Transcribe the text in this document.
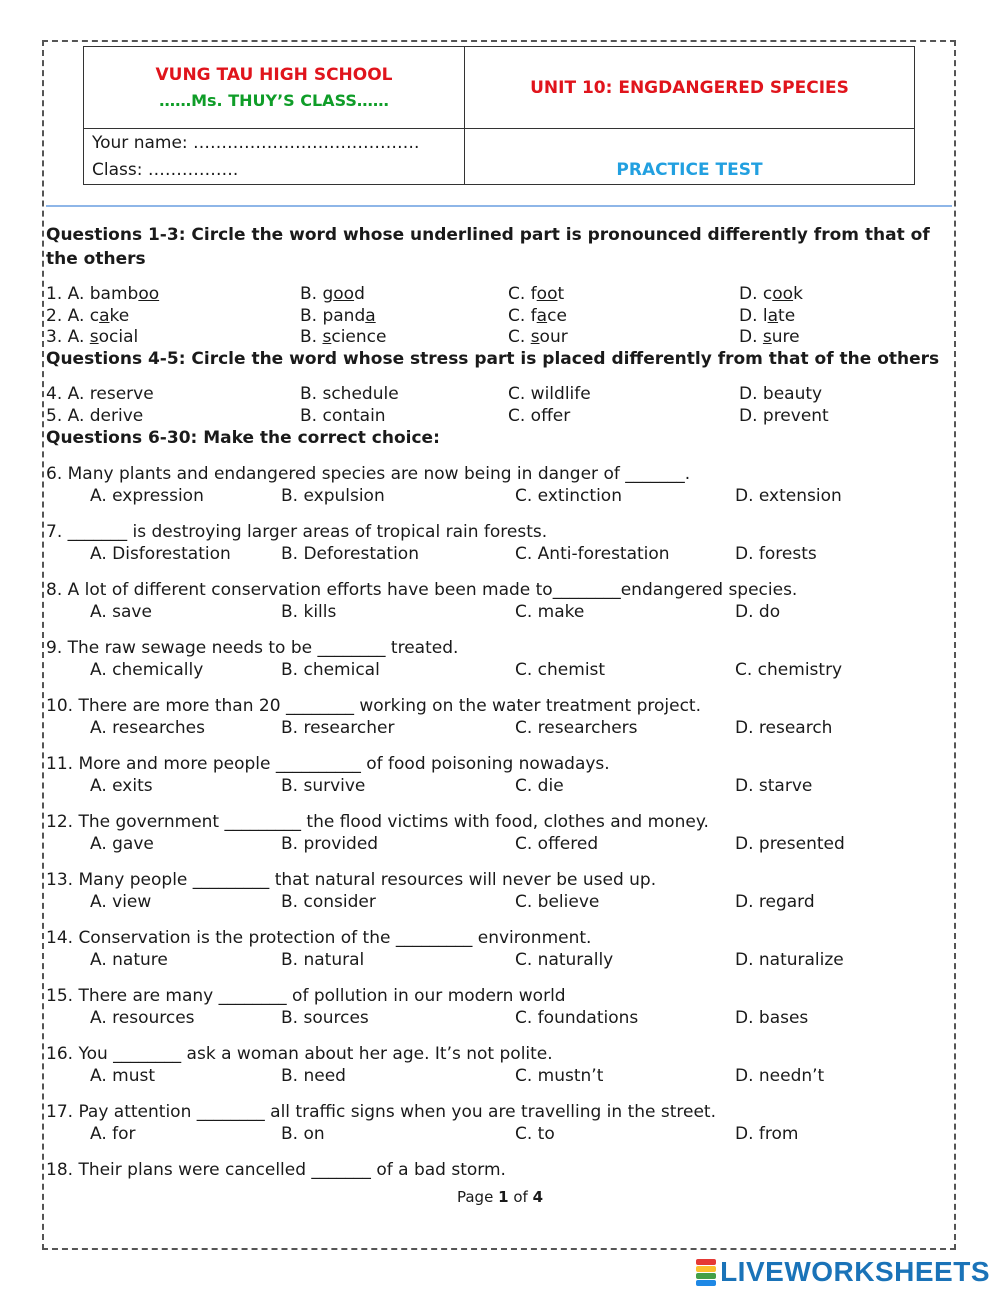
VUNG TAU HIGH SCHOOL
……Ms. THUY’S CLASS……	UNIT 10: ENGDANGERED SPECIES

Your name: ………………………………….
Class: …………….	PRACTICE TEST
Questions 1-3: Circle the word whose underlined part is pronounced differently from that of the others
1. A. bamboo	B. good	C. foot	D. cook
2. A. cake	B. panda	C. face	D. late
3. A. social	B. science	C. sour	D. sure
Questions 4-5: Circle the word whose stress part is placed differently from that of the others
4. A. reserve	B. schedule	C. wildlife	D. beauty
5. A. derive	B. contain	C. offer	D. prevent
Questions 6-30: Make the correct choice:
6. Many plants and endangered species are now being in danger of _______.
A. expression	B. expulsion	C. extinction	D. extension
7. _______ is destroying larger areas of tropical rain forests.
A. Disforestation	B. Deforestation	C. Anti-forestation	D. forests
8. A lot of different conservation efforts have been made to________endangered species.
A. save	B. kills	C. make	D. do
9. The raw sewage needs to be ________ treated.
A. chemically	B. chemical	C. chemist	C. chemistry
10. There are more than 20 ________ working on the water treatment project.
A. researches	B. researcher	C. researchers	D. research
11. More and more people __________ of food poisoning nowadays.
A. exits	B. survive	C. die	D. starve
12. The government _________ the flood victims with food, clothes and money.
A. gave	B. provided	C. offered	D. presented
13. Many people _________ that natural resources will never be used up.
A. view	B. consider	C. believe	D. regard
14. Conservation is the protection of the _________ environment.
A. nature	B. natural	C. naturally	D. naturalize
15. There are many ________ of pollution in our modern world
A. resources	B. sources	C. foundations	D. bases
16. You ________ ask a woman about her age. It’s not polite.
A. must	B. need	C. mustn’t	D. needn’t
17. Pay attention ________ all traffic signs when you are travelling in the street.
A. for	B. on	C. to	D. from
18. Their plans were cancelled _______ of a bad storm.
Page 1 of 4
LIVEWORKSHEETS
